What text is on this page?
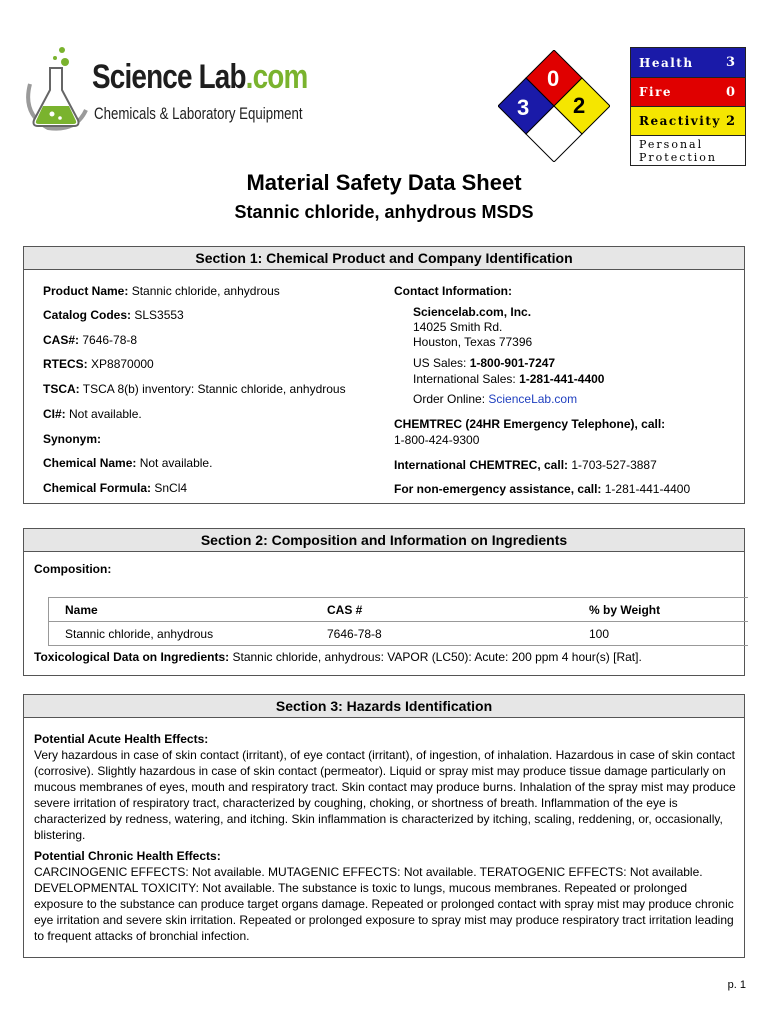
Science Lab.com
Chemicals & Laboratory Equipment
0
3 2
Health 3
Fire	0
Reactivity 2
Personal Protection
Material Safety Data Sheet
Stannic chloride, anhydrous MSDS
Section 1: Chemical Product and Company Identification
Product Name: Stannic chloride, anhydrous
Catalog Codes: SLS3553
CAS#: 7646-78-8
RTECS: XP8870000
TSCA: TSCA 8(b) inventory: Stannic chloride, anhydrous
CI#: Not available.
Synonym:
Chemical Name: Not available.
Chemical Formula: SnCl4
Contact Information:
Sciencelab.com, Inc.
14025 Smith Rd.
Houston, Texas 77396
US Sales: 1-800-901-7247
International Sales: 1-281-441-4400
Order Online: ScienceLab.com
CHEMTREC (24HR Emergency Telephone), call:
1-800-424-9300
International CHEMTREC, call: 1-703-527-3887
For non-emergency assistance, call: 1-281-441-4400
Section 2: Composition and Information on Ingredients
Composition:
Name	CAS #	% by Weight
Stannic chloride, anhydrous	7646-78-8	100
Toxicological Data on Ingredients: Stannic chloride, anhydrous: VAPOR (LC50): Acute: 200 ppm 4 hour(s) [Rat].
Section 3: Hazards Identification
Potential Acute Health Effects:
Very hazardous in case of skin contact (irritant), of eye contact (irritant), of ingestion, of inhalation. Hazardous in case of skin contact (corrosive). Slightly hazardous in case of skin contact (permeator). Liquid or spray mist may produce tissue damage particularly on mucous membranes of eyes, mouth and respiratory tract. Skin contact may produce burns. Inhalation of the spray mist may produce severe irritation of respiratory tract, characterized by coughing, choking, or shortness of breath. Inflammation of the eye is characterized by redness, watering, and itching. Skin inflammation is characterized by itching, scaling, reddening, or, occasionally, blistering.
Potential Chronic Health Effects:
CARCINOGENIC EFFECTS: Not available. MUTAGENIC EFFECTS: Not available. TERATOGENIC EFFECTS: Not available. DEVELOPMENTAL TOXICITY: Not available. The substance is toxic to lungs, mucous membranes. Repeated or prolonged exposure to the substance can produce target organs damage. Repeated or prolonged contact with spray mist may produce chronic eye irritation and severe skin irritation. Repeated or prolonged exposure to spray mist may produce respiratory tract irritation leading to frequent attacks of bronchial infection.
p. 1
